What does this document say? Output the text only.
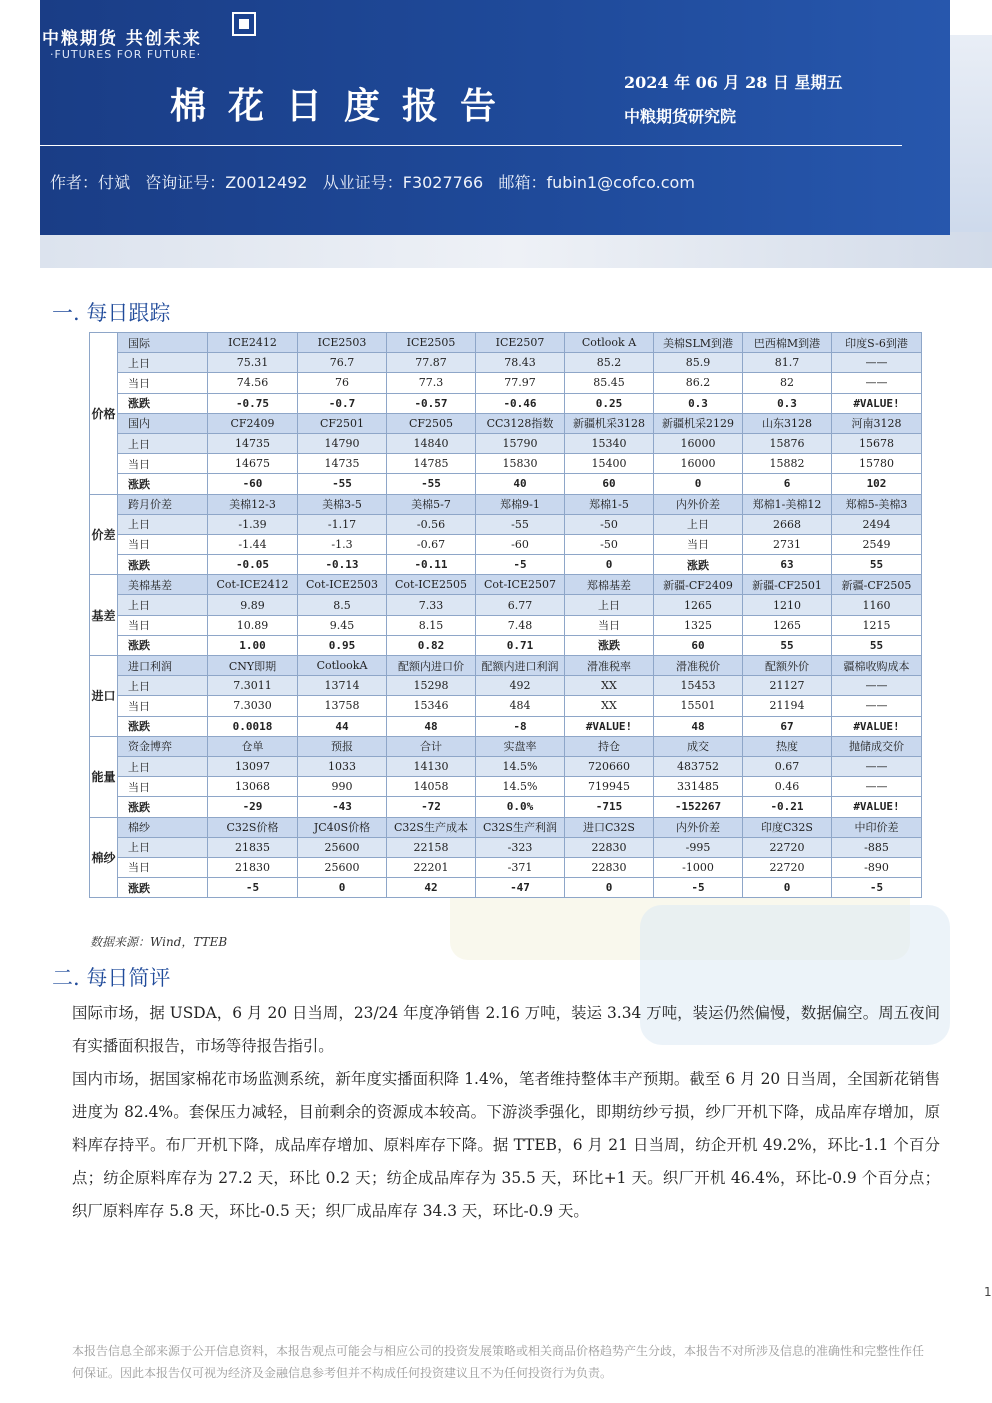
中粮期货 共创未来
·FUTURES FOR FUTURE·
棉花日度报告
2024 年 06 月 28 日 星期五
中粮期货研究院
作者：付斌   咨询证号：Z0012492   从业证号：F3027766   邮箱：fubin1@cofco.com
一. 每日跟踪
价格	国际	ICE2412	ICE2503	ICE2505	ICE2507	Cotlook A	美棉SLM到港	巴西棉M到港	印度S-6到港
	上日	75.31	76.7	77.87	78.43	85.2	85.9	81.7	——
	当日	74.56	76	77.3	77.97	85.45	86.2	82	——
	涨跌	-0.75	-0.7	-0.57	-0.46	0.25	0.3	0.3	#VALUE!
	国内	CF2409	CF2501	CF2505	CC3128指数	新疆机采3128	新疆机采2129	山东3128	河南3128
	上日	14735	14790	14840	15790	15340	16000	15876	15678
	当日	14675	14735	14785	15830	15400	16000	15882	15780
	涨跌	-60	-55	-55	40	60	0	6	102
价差	跨月价差	美棉12-3	美棉3-5	美棉5-7	郑棉9-1	郑棉1-5	内外价差	郑棉1-美棉12	郑棉5-美棉3
	上日	-1.39	-1.17	-0.56	-55	-50	上日	2668	2494
	当日	-1.44	-1.3	-0.67	-60	-50	当日	2731	2549
	涨跌	-0.05	-0.13	-0.11	-5	0	涨跌	63	55
基差	美棉基差	Cot-ICE2412	Cot-ICE2503	Cot-ICE2505	Cot-ICE2507	郑棉基差	新疆-CF2409	新疆-CF2501	新疆-CF2505
	上日	9.89	8.5	7.33	6.77	上日	1265	1210	1160
	当日	10.89	9.45	8.15	7.48	当日	1325	1265	1215
	涨跌	1.00	0.95	0.82	0.71	涨跌	60	55	55
进口	进口利润	CNY即期	CotlookA	配额内进口价	配额内进口利润	滑准税率	滑准税价	配额外价	疆棉收购成本
	上日	7.3011	13714	15298	492	XX	15453	21127	——
	当日	7.3030	13758	15346	484	XX	15501	21194	——
	涨跌	0.0018	44	48	-8	#VALUE!	48	67	#VALUE!
能量	资金博弈	仓单	预报	合计	实盘率	持仓	成交	热度	抛储成交价
	上日	13097	1033	14130	14.5%	720660	483752	0.67	——
	当日	13068	990	14058	14.5%	719945	331485	0.46	——
	涨跌	-29	-43	-72	0.0%	-715	-152267	-0.21	#VALUE!
棉纱	棉纱	C32S价格	JC40S价格	C32S生产成本	C32S生产利润	进口C32S	内外价差	印度C32S	中印价差
	上日	21835	25600	22158	-323	22830	-995	22720	-885
	当日	21830	25600	22201	-371	22830	-1000	22720	-890
	涨跌	-5	0	42	-47	0	-5	0	-5
数据来源：Wind，TTEB
二. 每日简评
国际市场，据 USDA，6 月 20 日当周，23/24 年度净销售 2.16 万吨，装运 3.34 万吨，装运仍然偏慢，数据偏空。周五夜间有实播面积报告，市场等待报告指引。
国内市场，据国家棉花市场监测系统，新年度实播面积降 1.4%，笔者维持整体丰产预期。截至 6 月 20 日当周，全国新花销售进度为 82.4%。套保压力减轻，目前剩余的资源成本较高。下游淡季强化，即期纺纱亏损，纱厂开机下降，成品库存增加，原料库存持平。布厂开机下降，成品库存增加、原料库存下降。据 TTEB，6 月 21 日当周，纺企开机 49.2%，环比-1.1 个百分点；纺企原料库存为 27.2 天，环比 0.2 天；纺企成品库存为 35.5 天，环比+1 天。织厂开机 46.4%，环比-0.9 个百分点；织厂原料库存 5.8 天，环比-0.5 天；织厂成品库存 34.3 天，环比-0.9 天。
1
本报告信息全部来源于公开信息资料，本报告观点可能会与相应公司的投资发展策略或相关商品价格趋势产生分歧，本报告不对所涉及信息的准确性和完整性作任何保证。因此本报告仅可视为经济及金融信息参考但并不构成任何投资建议且不为任何投资行为负责。
